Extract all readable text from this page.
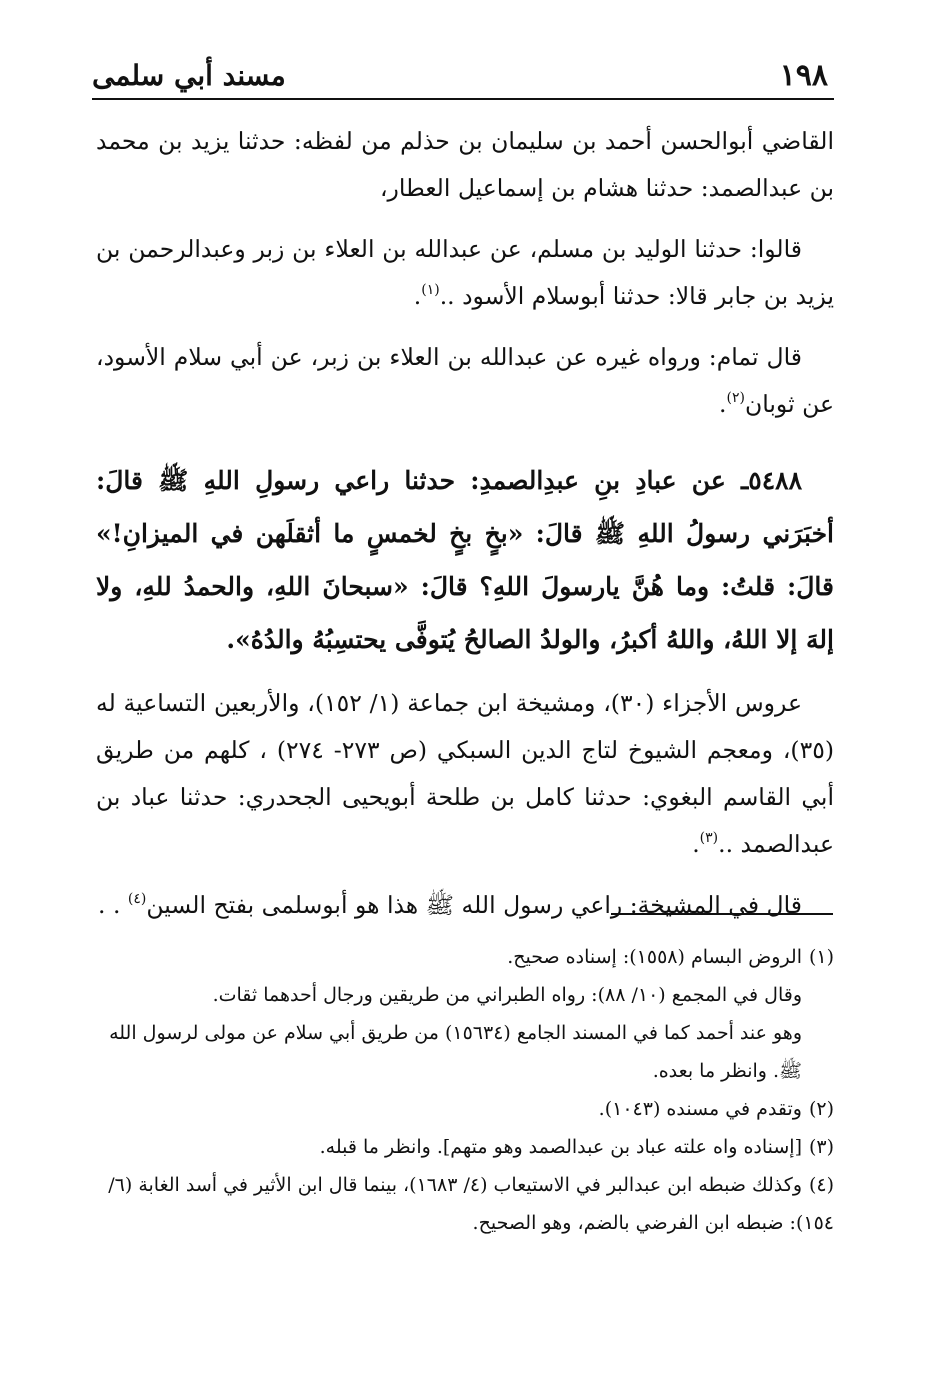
١٩٨
مسند أبي سلمى

القاضي أبوالحسن أحمد بن سليمان بن حذلم من لفظه: حدثنا يزيد بن محمد بن عبدالصمد: حدثنا هشام بن إسماعيل العطار،

قالوا: حدثنا الوليد بن مسلم، عن عبدالله بن العلاء بن زبر وعبدالرحمن بن يزيد بن جابر قالا: حدثنا أبوسلام الأسود ..$^{(١)}$.

قال تمام: ورواه غيره عن عبدالله بن العلاء بن زبر، عن أبي سلام الأسود، عن ثوبان$^{(٢)}$.

٥٤٨٨ـ عن عبادِ بنِ عبدِالصمدِ: حدثنا راعي رسولِ اللهِ ﷺ قالَ: أخبَرَني رسولُ اللهِ ﷺ قالَ: «بخٍ بخٍ لخمسٍ ما أثقلَهن في الميزانِ!» قالَ: قلتُ: وما هُنَّ يارسولَ اللهِ؟ قالَ: «سبحانَ اللهِ، والحمدُ للهِ، ولا إلهَ إلا اللهُ، واللهُ أكبرُ، والولدُ الصالحُ يُتوفَّى يحتسِبُهُ والدُهُ».

عروس الأجزاء (٣٠)، ومشيخة ابن جماعة (١/ ١٥٢)، والأربعين التساعية له (٣٥)، ومعجم الشيوخ لتاج الدين السبكي (ص ٢٧٣- ٢٧٤) ، كلهم من طريق أبي القاسم البغوي: حدثنا كامل بن طلحة أبويحيى الجحدري: حدثنا عباد بن عبدالصمد ..$^{(٣)}$.

قال في المشيخة: راعي رسول الله ﷺ هذا هو أبوسلمى بفتح السين$^{(٤)}$ . .

(١)الروض البسام (١٥٥٨): إسناده صحيح.

وقال في المجمع (١٠/ ٨٨): رواه الطبراني من طريقين ورجال أحدهما ثقات.

وهو عند أحمد كما في المسند الجامع (١٥٦٣٤) من طريق أبي سلام عن مولى لرسول الله ﷺ. وانظر ما بعده.

(٢)وتقدم في مسنده (١٠٤٣).

(٣)[إسناده واه علته عباد بن عبدالصمد وهو متهم]. وانظر ما قبله.

(٤)وكذلك ضبطه ابن عبدالبر في الاستيعاب (٤/ ١٦٨٣)، بينما قال ابن الأثير في أسد الغابة (٦/ ١٥٤): ضبطه ابن الفرضي بالضم، وهو الصحيح.
